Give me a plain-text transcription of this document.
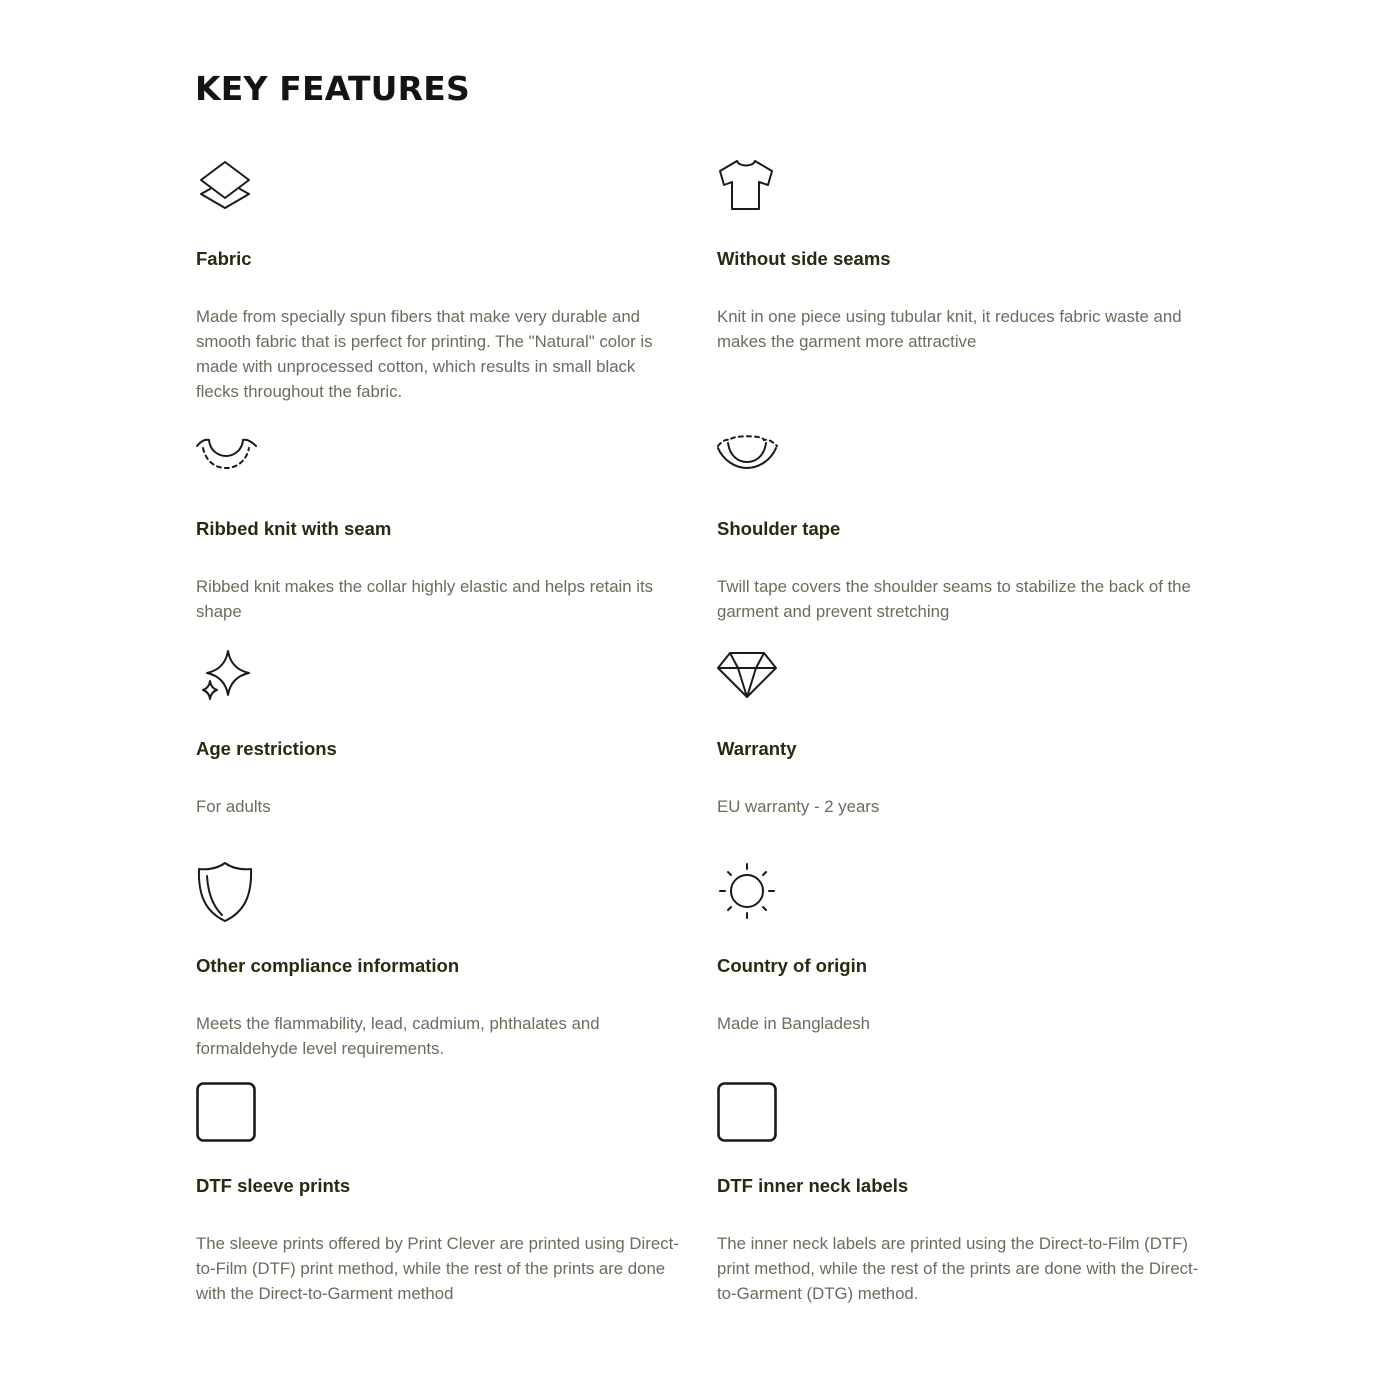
KEY FEATURES
Fabric

Made from specially spun fibers that make very durable and smooth fabric that is perfect for printing. The "Natural" color is made with unprocessed cotton, which results in small black flecks throughout the fabric.

Without side seams

Knit in one piece using tubular knit, it reduces fabric waste and makes the garment more attractive

Ribbed knit with seam

Ribbed knit makes the collar highly elastic and helps retain its shape

Shoulder tape

Twill tape covers the shoulder seams to stabilize the back of the garment and prevent stretching

Age restrictions

For adults

Warranty

EU warranty - 2 years

Other compliance information

Meets the flammability, lead, cadmium, phthalates and formaldehyde level requirements.

Country of origin

Made in Bangladesh

DTF sleeve prints

The sleeve prints offered by Print Clever are printed using Direct-to-Film (DTF) print method, while the rest of the prints are done with the Direct-to-Garment method

DTF inner neck labels

The inner neck labels are printed using the Direct-to-Film (DTF) print method, while the rest of the prints are done with the Direct-to-Garment (DTG) method.
